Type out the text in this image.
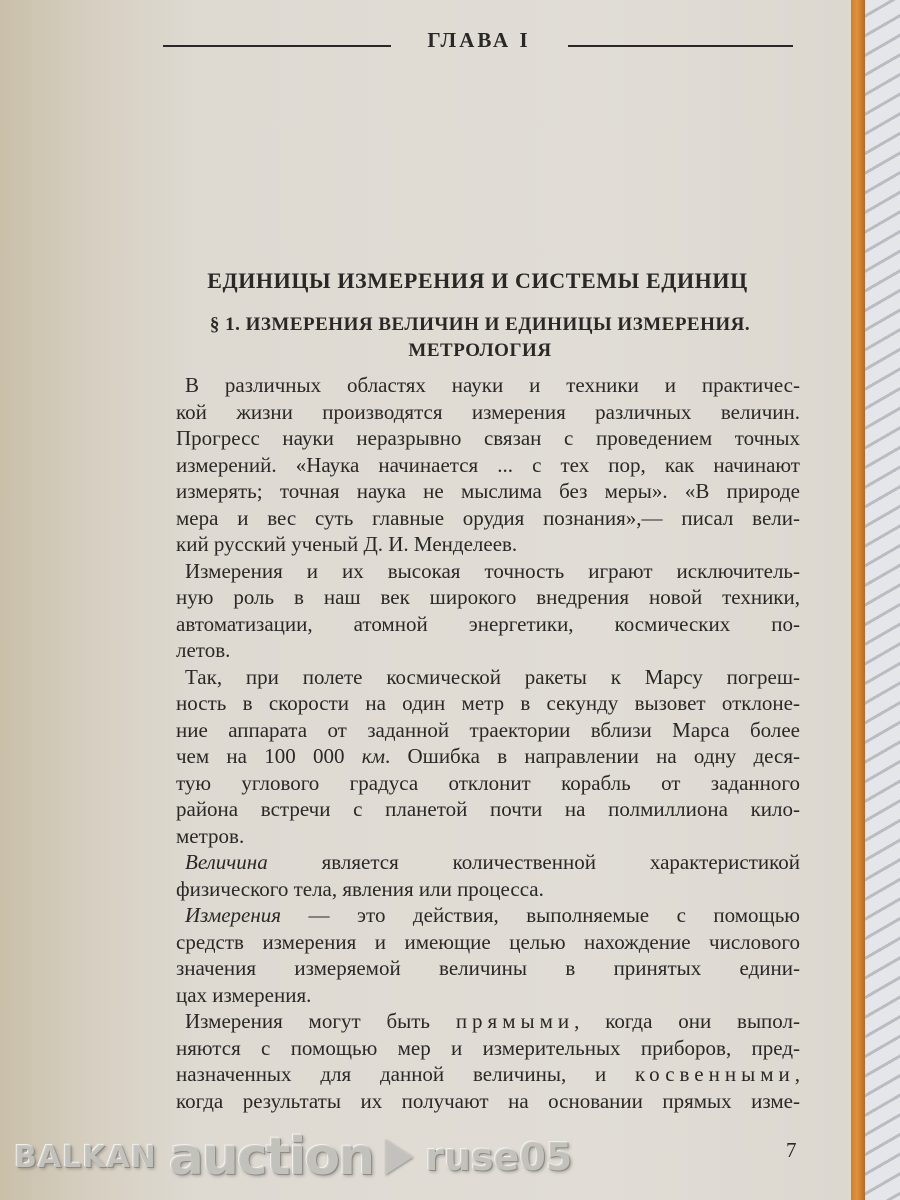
ГЛАВА I
ЕДИНИЦЫ ИЗМЕРЕНИЯ И СИСТЕМЫ ЕДИНИЦ
§ 1. ИЗМЕРЕНИЯ ВЕЛИЧИН И ЕДИНИЦЫ ИЗМЕРЕНИЯ.
МЕТРОЛОГИЯ
В различных областях науки и техники и практичес-
кой жизни производятся измерения различных величин.
Прогресс науки неразрывно связан с проведением точных
измерений. «Наука начинается ... с тех пор, как начинают
измерять; точная наука не мыслима без меры». «В природе
мера и вес суть главные орудия познания»,— писал вели-
кий русский ученый Д. И. Менделеев.
Измерения и их высокая точность играют исключитель-
ную роль в наш век широкого внедрения новой техники,
автоматизации, атомной энергетики, космических по-
летов.
Так, при полете космической ракеты к Марсу погреш-
ность в скорости на один метр в секунду вызовет отклоне-
ние аппарата от заданной траектории вблизи Марса более
чем на 100 000 км. Ошибка в направлении на одну деся-
тую углового градуса отклонит корабль от заданного
района встречи с планетой почти на полмиллиона кило-
метров.
Величина является количественной характеристикой
физического тела, явления или процесса.
Измерения — это действия, выполняемые с помощью
средств измерения и имеющие целью нахождение числового
значения измеряемой величины в принятых едини-
цах измерения.
Измерения могут быть прямыми, когда они выпол-
няются с помощью мер и измерительных приборов, пред-
назначенных для данной величины, и косвенными,
когда результаты их получают на основании прямых изме-
7
BALKAN auction ruse05
